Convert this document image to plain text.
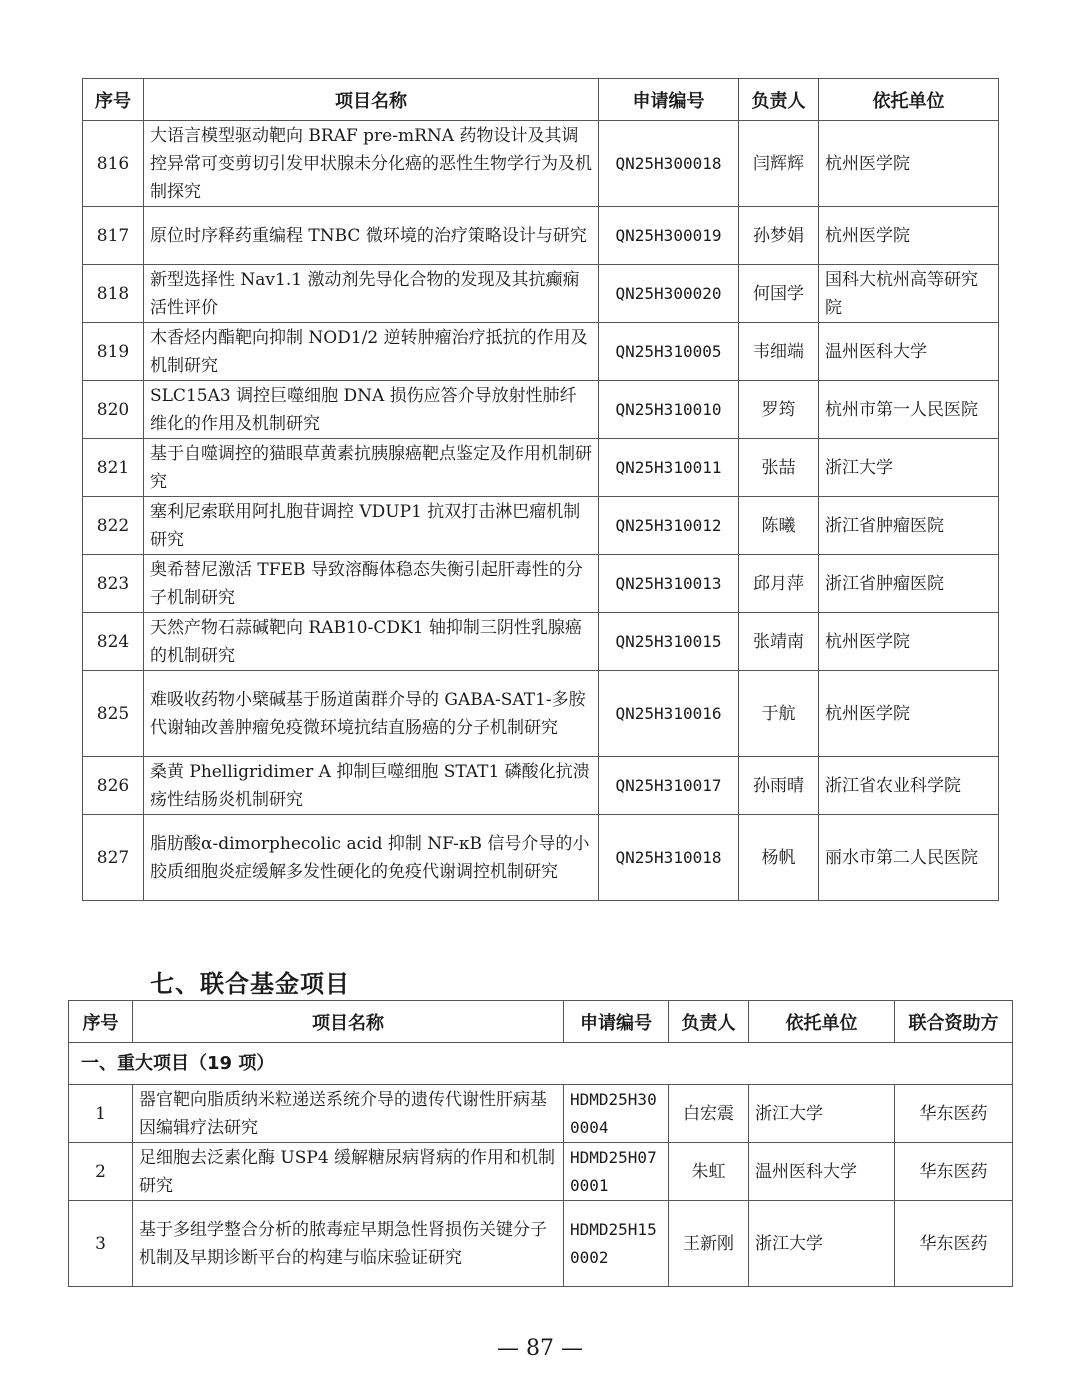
序号	项目名称	申请编号	负责人	依托单位
816	大语言模型驱动靶向 BRAF pre-mRNA 药物设计及其调控异常可变剪切引发甲状腺未分化癌的恶性生物学行为及机制探究	QN25H300018	闫辉辉	杭州医学院
817	原位时序释药重编程 TNBC 微环境的治疗策略设计与研究	QN25H300019	孙梦娟	杭州医学院
818	新型选择性 Nav1.1 激动剂先导化合物的发现及其抗癫痫活性评价	QN25H300020	何国学	国科大杭州高等研究院
819	木香烃内酯靶向抑制 NOD1/2 逆转肿瘤治疗抵抗的作用及机制研究	QN25H310005	韦细端	温州医科大学
820	SLC15A3 调控巨噬细胞 DNA 损伤应答介导放射性肺纤维化的作用及机制研究	QN25H310010	罗筠	杭州市第一人民医院
821	基于自噬调控的猫眼草黄素抗胰腺癌靶点鉴定及作用机制研究	QN25H310011	张喆	浙江大学
822	塞利尼索联用阿扎胞苷调控 VDUP1 抗双打击淋巴瘤机制研究	QN25H310012	陈曦	浙江省肿瘤医院
823	奥希替尼激活 TFEB 导致溶酶体稳态失衡引起肝毒性的分子机制研究	QN25H310013	邱月萍	浙江省肿瘤医院
824	天然产物石蒜碱靶向 RAB10-CDK1 轴抑制三阴性乳腺癌的机制研究	QN25H310015	张靖南	杭州医学院
825	难吸收药物小檗碱基于肠道菌群介导的 GABA-SAT1-多胺代谢轴改善肿瘤免疫微环境抗结直肠癌的分子机制研究	QN25H310016	于航	杭州医学院
826	桑黄 Phelligridimer A 抑制巨噬细胞 STAT1 磷酸化抗溃疡性结肠炎机制研究	QN25H310017	孙雨晴	浙江省农业科学院
827	脂肪酸α-dimorphecolic acid 抑制 NF-κB 信号介导的小胶质细胞炎症缓解多发性硬化的免疫代谢调控机制研究	QN25H310018	杨帆	丽水市第二人民医院
七、联合基金项目
序号	项目名称	申请编号	负责人	依托单位	联合资助方
一、重大项目（19 项）					
1	器官靶向脂质纳米粒递送系统介导的遗传代谢性肝病基因编辑疗法研究	HDMD25H300004	白宏震	浙江大学	华东医药
2	足细胞去泛素化酶 USP4 缓解糖尿病肾病的作用和机制研究	HDMD25H070001	朱虹	温州医科大学	华东医药
3	基于多组学整合分析的脓毒症早期急性肾损伤关键分子机制及早期诊断平台的构建与临床验证研究	HDMD25H150002	王新刚	浙江大学	华东医药
— 87 —
